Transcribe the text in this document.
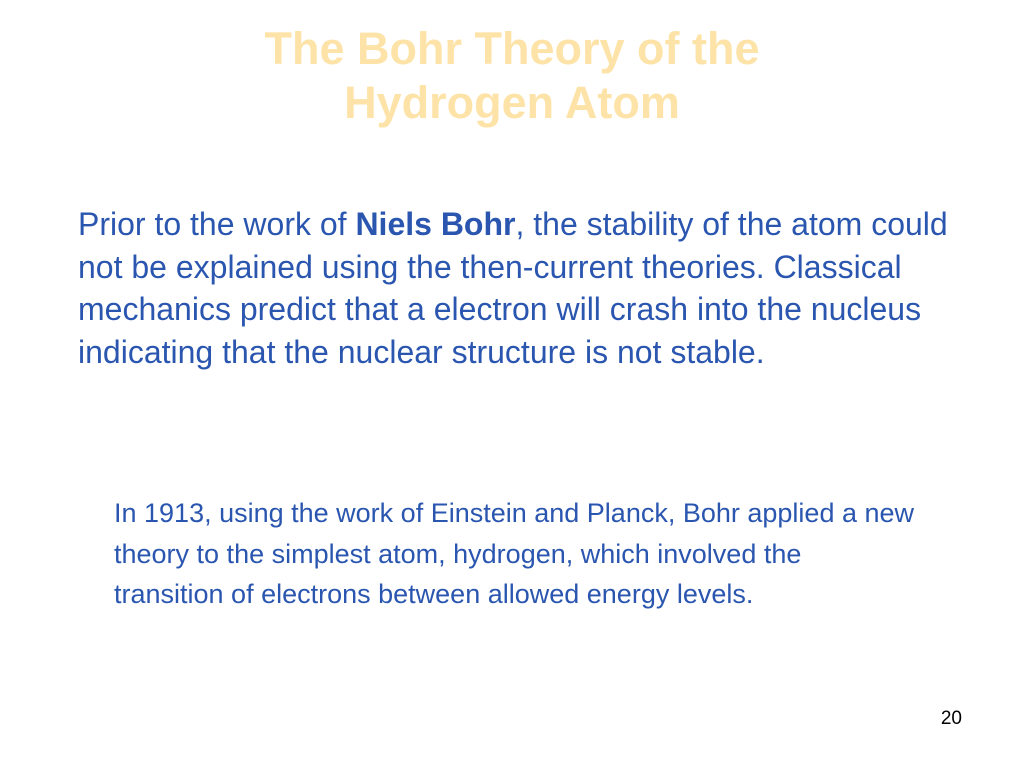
The Bohr Theory of the
Hydrogen Atom

Prior to the work of Niels Bohr, the stability of the atom could not be explained using the then-current theories. Classical mechanics predict that a electron will crash into the nucleus indicating that the nuclear structure is not stable.

In 1913, using the work of Einstein and Planck, Bohr applied a new theory to the simplest atom, hydrogen, which involved the transition of electrons between allowed energy levels.

20
